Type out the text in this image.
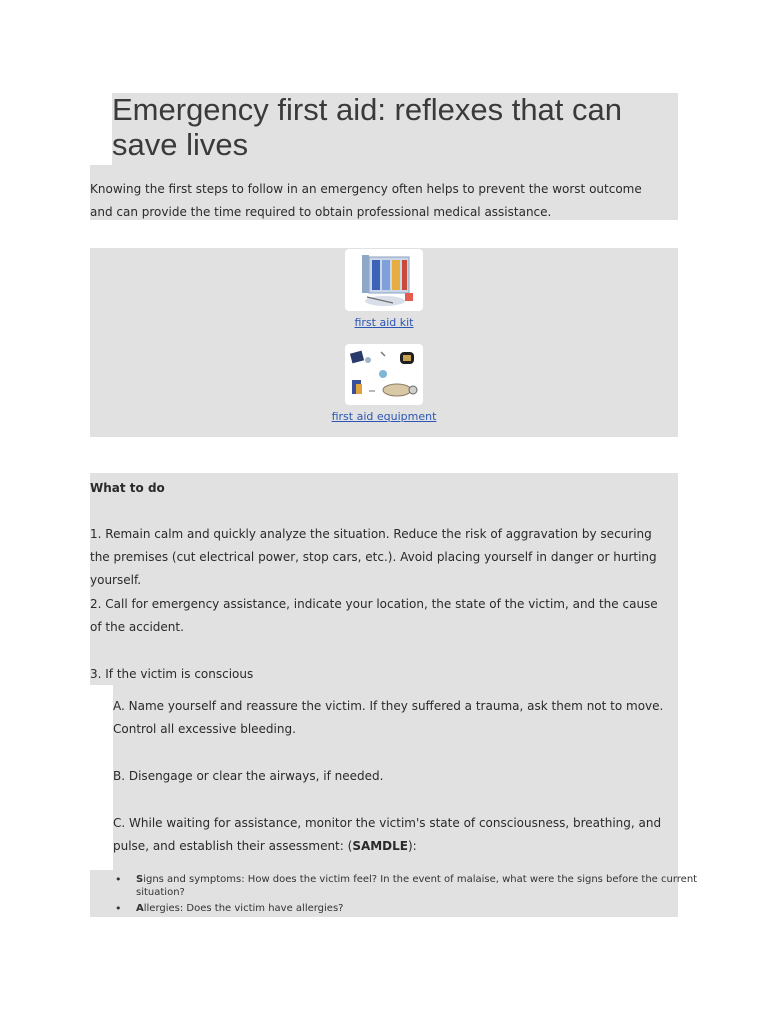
Emergency first aid: reflexes that can save lives

Knowing the first steps to follow in an emergency often helps to prevent the worst outcome and can provide the time required to obtain professional medical assistance.

first aid kit
first aid equipment

What to do

1. Remain calm and quickly analyze the situation. Reduce the risk of aggravation by securing the premises (cut electrical power, stop cars, etc.). Avoid placing yourself in danger or hurting yourself.

2. Call for emergency assistance, indicate your location, the state of the victim, and the cause of the accident.

3. If the victim is conscious

A. Name yourself and reassure the victim. If they suffered a trauma, ask them not to move. Control all excessive bleeding.

B. Disengage or clear the airways, if needed.

C. While waiting for assistance, monitor the victim's state of consciousness, breathing, and pulse, and establish their assessment: (SAMDLE):

• Signs and symptoms: How does the victim feel? In the event of malaise, what were the signs before the current situation?
• Allergies: Does the victim have allergies?
